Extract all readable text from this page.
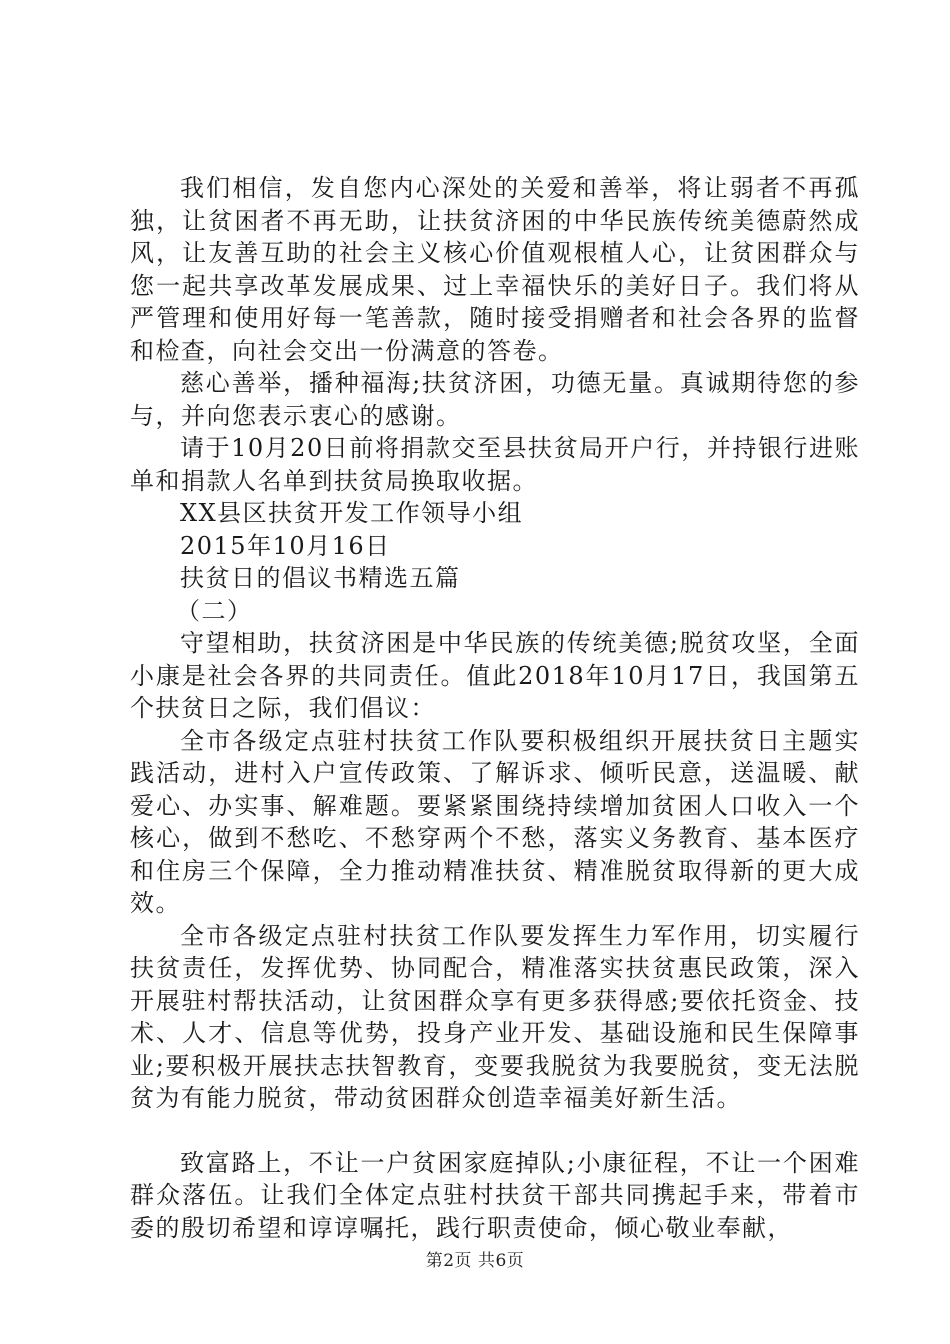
我们相信，发自您内心深处的关爱和善举，将让弱者不再孤独，让贫困者不再无助，让扶贫济困的中华民族传统美德蔚然成风，让友善互助的社会主义核心价值观根植人心，让贫困群众与您一起共享改革发展成果、过上幸福快乐的美好日子。我们将从严管理和使用好每一笔善款，随时接受捐赠者和社会各界的监督和检查，向社会交出一份满意的答卷。

慈心善举，播种福海;扶贫济困，功德无量。真诚期待您的参与，并向您表示衷心的感谢。

请于10月20日前将捐款交至县扶贫局开户行，并持银行进账单和捐款人名单到扶贫局换取收据。

XX县区扶贫开发工作领导小组

2015年10月16日

扶贫日的倡议书精选五篇

（二）

守望相助，扶贫济困是中华民族的传统美德;脱贫攻坚，全面小康是社会各界的共同责任。值此2018年10月17日，我国第五个扶贫日之际，我们倡议：

全市各级定点驻村扶贫工作队要积极组织开展扶贫日主题实践活动，进村入户宣传政策、了解诉求、倾听民意，送温暖、献爱心、办实事、解难题。要紧紧围绕持续增加贫困人口收入一个核心，做到不愁吃、不愁穿两个不愁，落实义务教育、基本医疗和住房三个保障，全力推动精准扶贫、精准脱贫取得新的更大成效。

全市各级定点驻村扶贫工作队要发挥生力军作用，切实履行扶贫责任，发挥优势、协同配合，精准落实扶贫惠民政策，深入开展驻村帮扶活动，让贫困群众享有更多获得感;要依托资金、技术、人才、信息等优势，投身产业开发、基础设施和民生保障事业;要积极开展扶志扶智教育，变要我脱贫为我要脱贫，变无法脱贫为有能力脱贫，带动贫困群众创造幸福美好新生活。

致富路上，不让一户贫困家庭掉队;小康征程，不让一个困难群众落伍。让我们全体定点驻村扶贫干部共同携起手来，带着市委的殷切希望和谆谆嘱托，践行职责使命，倾心敬业奉献，

第2页 共6页
